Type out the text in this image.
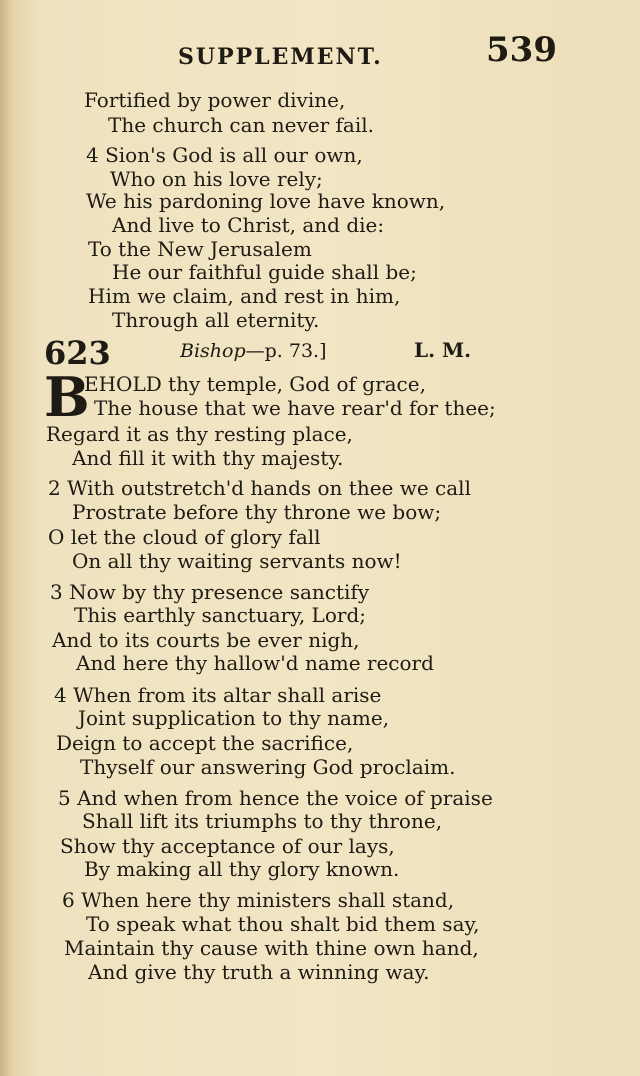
SUPPLEMENT.	539
Fortified by power divine,
The church can never fail.
4 Sion's God is all our own,
Who on his love rely;
We his pardoning love have known,
And live to Christ, and die:
To the New Jerusalem
He our faithful guide shall be;
Him we claim, and rest in him,
Through all eternity.
623	Bishop—p. 73.]	L. M.
B
EHOLD thy temple, God of grace,
The house that we have rear'd for thee;
Regard it as thy resting place,
And fill it with thy majesty.
2 With outstretch'd hands on thee we call
Prostrate before thy throne we bow;
O let the cloud of glory fall
On all thy waiting servants now!
3 Now by thy presence sanctify
This earthly sanctuary, Lord;
And to its courts be ever nigh,
And here thy hallow'd name record
4 When from its altar shall arise
Joint supplication to thy name,
Deign to accept the sacrifice,
Thyself our answering God proclaim.
5 And when from hence the voice of praise
Shall lift its triumphs to thy throne,
Show thy acceptance of our lays,
By making all thy glory known.
6 When here thy ministers shall stand,
To speak what thou shalt bid them say,
Maintain thy cause with thine own hand,
And give thy truth a winning way.
